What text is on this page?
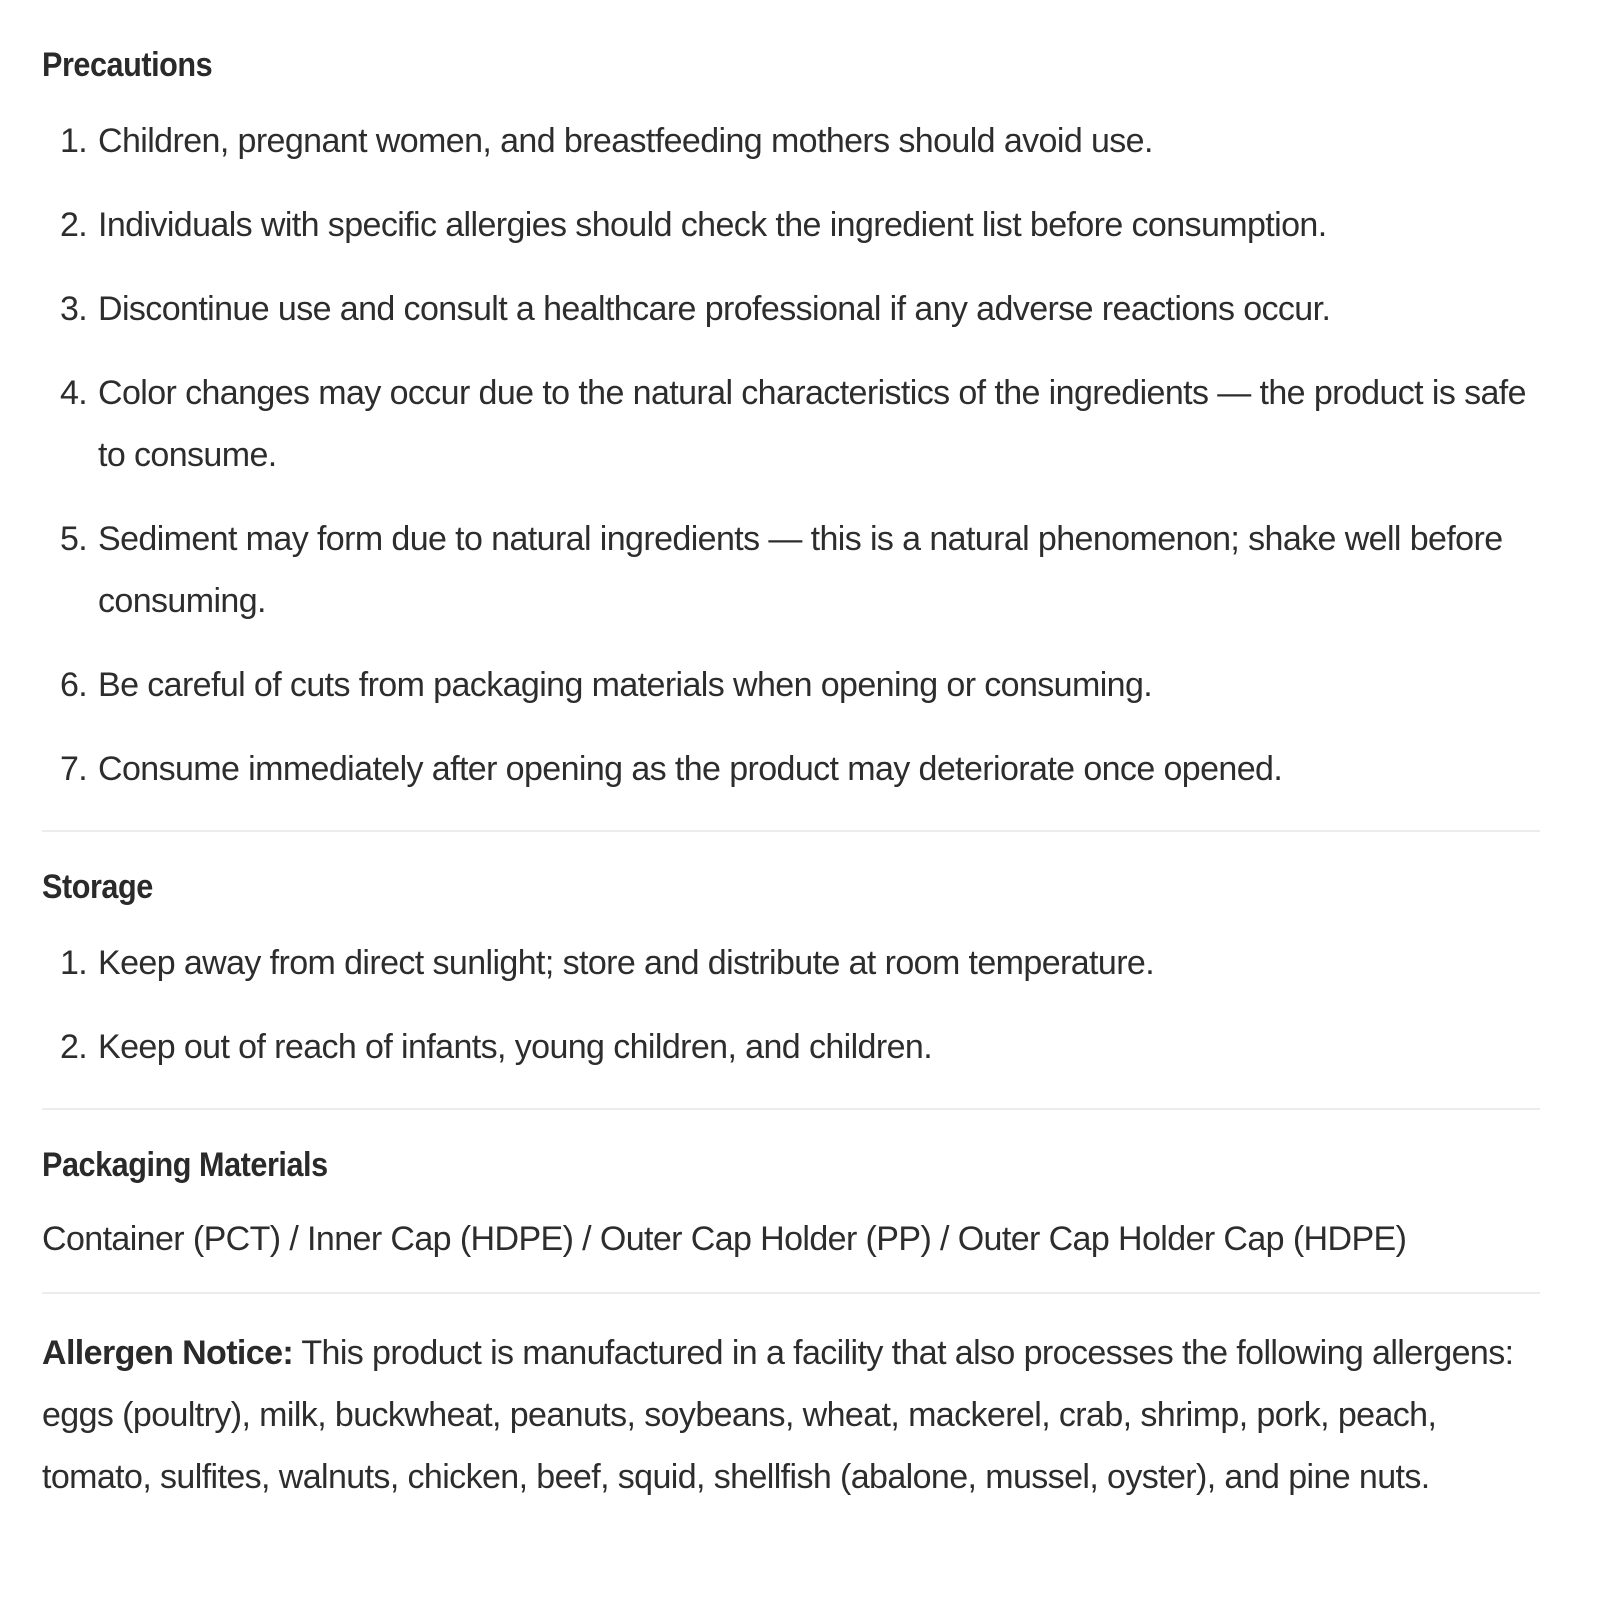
Precautions
1. Children, pregnant women, and breastfeeding mothers should avoid use.
2. Individuals with specific allergies should check the ingredient list before consumption.
3. Discontinue use and consult a healthcare professional if any adverse reactions occur.
4. Color changes may occur due to the natural characteristics of the ingredients — the product is safe to consume.
5. Sediment may form due to natural ingredients — this is a natural phenomenon; shake well before consuming.
6. Be careful of cuts from packaging materials when opening or consuming.
7. Consume immediately after opening as the product may deteriorate once opened.
Storage
1. Keep away from direct sunlight; store and distribute at room temperature.
2. Keep out of reach of infants, young children, and children.
Packaging Materials

Container (PCT) / Inner Cap (HDPE) / Outer Cap Holder (PP) / Outer Cap Holder Cap (HDPE)

Allergen Notice: This product is manufactured in a facility that also processes the following allergens: eggs (poultry), milk, buckwheat, peanuts, soybeans, wheat, mackerel, crab, shrimp, pork, peach, tomato, sulfites, walnuts, chicken, beef, squid, shellfish (abalone, mussel, oyster), and pine nuts.
